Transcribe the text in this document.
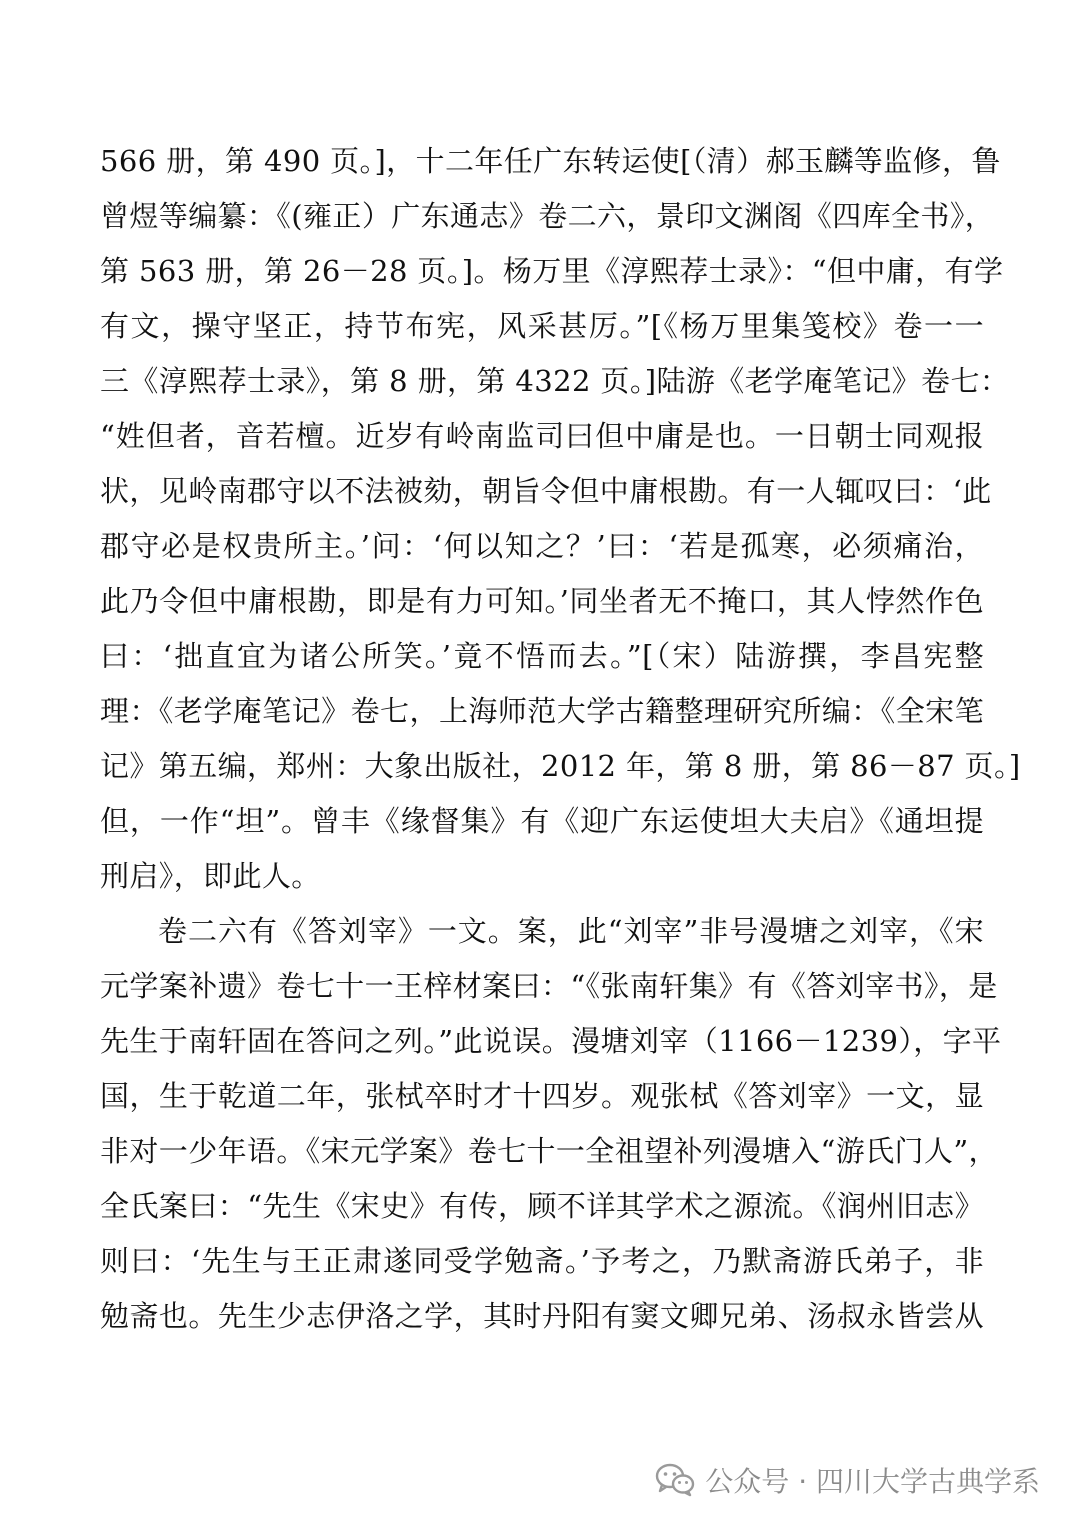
566 册，第 490 页。]，十二年任广东转运使[（清）郝玉麟等监修，鲁
曾煜等编纂：《(雍正）广东通志》卷二六，景印文渊阁《四库全书》，
第 563 册，第 26－28 页。]。杨万里《淳熙荐士录》：“但中庸，有学
有文，操守坚正，持节布宪，风采甚厉。”[《杨万里集笺校》卷一一
三《淳熙荐士录》，第 8 册，第 4322 页。]陆游《老学庵笔记》卷七：
“姓但者，音若檀。近岁有岭南监司曰但中庸是也。一日朝士同观报
状，见岭南郡守以不法被劾，朝旨令但中庸根勘。有一人辄叹曰：‘此
郡守必是权贵所主。’问：‘何以知之？’曰：‘若是孤寒，必须痛治，
此乃令但中庸根勘，即是有力可知。’同坐者无不掩口，其人悖然作色
曰：‘拙直宜为诸公所笑。’竟不悟而去。”[（宋）陆游撰，李昌宪整
理：《老学庵笔记》卷七，上海师范大学古籍整理研究所编：《全宋笔
记》第五编，郑州：大象出版社，2012 年，第 8 册，第 86－87 页。]
但，一作“坦”。曾丰《缘督集》有《迎广东运使坦大夫启》《通坦提
刑启》，即此人。
卷二六有《答刘宰》一文。案，此“刘宰”非号漫塘之刘宰，《宋
元学案补遗》卷七十一王梓材案曰：“《张南轩集》有《答刘宰书》，是
先生于南轩固在答问之列。”此说误。漫塘刘宰（1166－1239），字平
国，生于乾道二年，张栻卒时才十四岁。观张栻《答刘宰》一文，显
非对一少年语。《宋元学案》卷七十一全祖望补列漫塘入“游氏门人”，
全氏案曰：“先生《宋史》有传，顾不详其学术之源流。《润州旧志》
则曰：‘先生与王正肃遂同受学勉斋。’予考之，乃默斋游氏弟子，非
勉斋也。先生少志伊洛之学，其时丹阳有窦文卿兄弟、汤叔永皆尝从
公众号 · 四川大学古典学系
